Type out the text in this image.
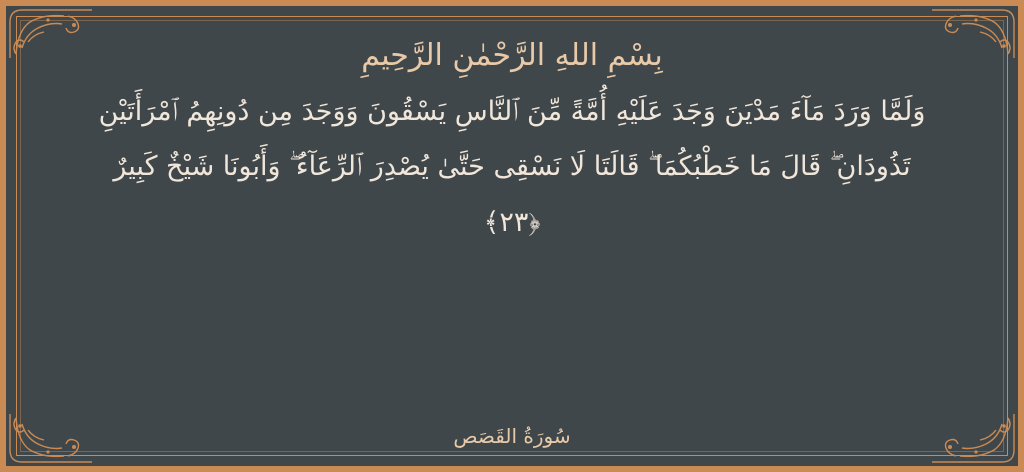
بِسْمِ اللهِ الرَّحْمٰنِ الرَّحِيمِ
وَلَمَّا وَرَدَ مَآءَ مَدْيَنَ وَجَدَ عَلَيْهِ أُمَّةً مِّنَ ٱلنَّاسِ يَسْقُونَ وَوَجَدَ مِن دُونِهِمُ ٱمْرَأَتَيْنِ تَذُودَانِ ۖ قَالَ مَا خَطْبُكُمَا ۖ قَالَتَا لَا نَسْقِى حَتَّىٰ يُصْدِرَ ٱلرِّعَآءُ ۖ وَأَبُونَا شَيْخٌ كَبِيرٌ ﴿٢٣﴾
سُورَةُ القَصَص
